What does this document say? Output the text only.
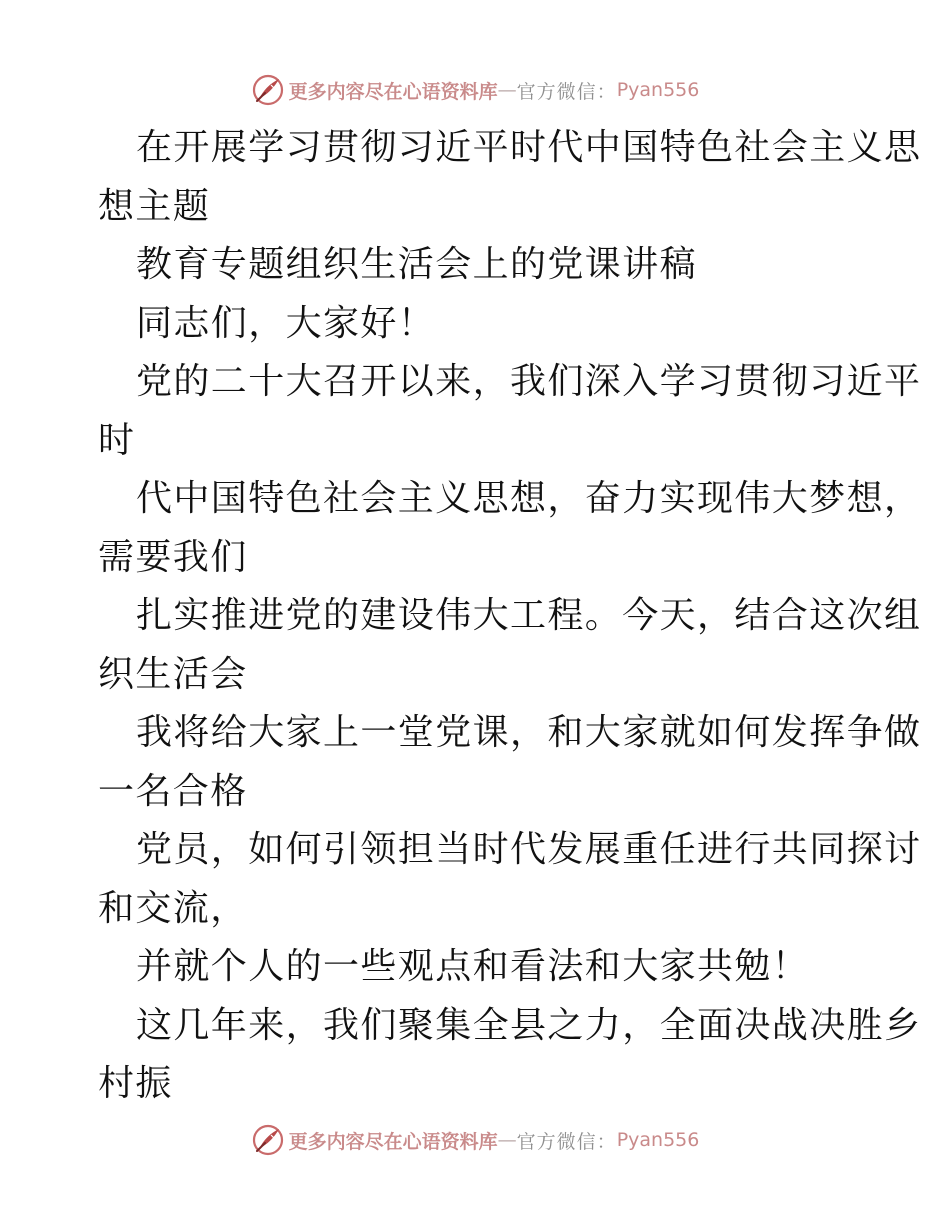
更多内容尽在心语资料库 — 官方微信： Pyan556
在开展学习贯彻习近平时代中国特色社会主义思
想主题
教育专题组织生活会上的党课讲稿
同志们，大家好！
党的二十大召开以来，我们深入学习贯彻习近平
时
代中国特色社会主义思想，奋力实现伟大梦想，
需要我们
扎实推进党的建设伟大工程。今天，结合这次组
织生活会
我将给大家上一堂党课，和大家就如何发挥争做
一名合格
党员，如何引领担当时代发展重任进行共同探讨
和交流，
并就个人的一些观点和看法和大家共勉！
这几年来，我们聚集全县之力，全面决战决胜乡
村振
更多内容尽在心语资料库 — 官方微信： Pyan556
